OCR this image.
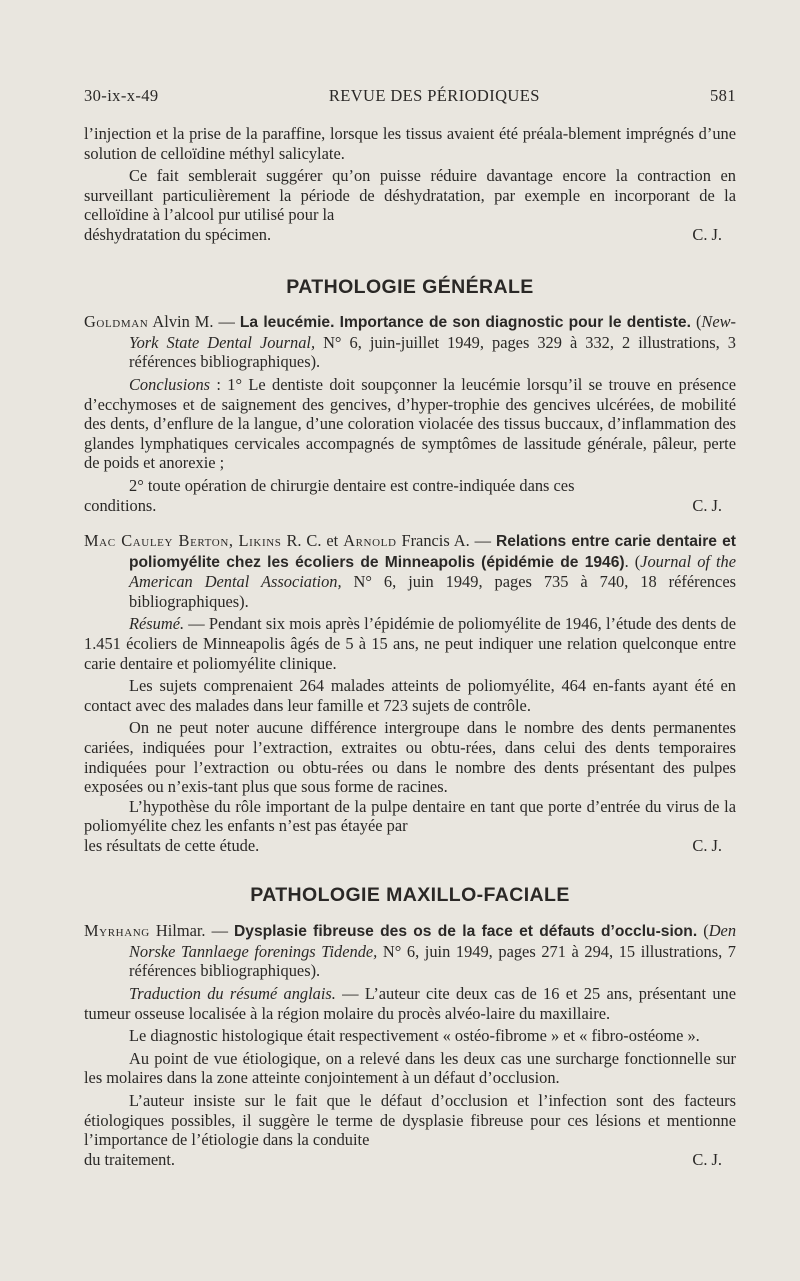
30-ix-x-49	REVUE DES PÉRIODIQUES	581

l’injection et la prise de la paraffine, lorsque les tissus avaient été préala-blement imprégnés d’une solution de celloïdine méthyl salicylate.

Ce fait semblerait suggérer qu’on puisse réduire davantage encore la contraction en surveillant particulièrement la période de déshydratation, par exemple en incorporant de la celloïdine à l’alcool pur utilisé pour la

déshydratation du spécimen.	C. J.
PATHOLOGIE GÉNÉRALE

Goldman Alvin M. — La leucémie. Importance de son diagnostic pour le dentiste. (New-York State Dental Journal, N° 6, juin-juillet 1949, pages 329 à 332, 2 illustrations, 3 références bibliographiques).

Conclusions : 1° Le dentiste doit soupçonner la leucémie lorsqu’il se trouve en présence d’ecchymoses et de saignement des gencives, d’hyper-trophie des gencives ulcérées, de mobilité des dents, d’enflure de la langue, d’une coloration violacée des tissus buccaux, d’inflammation des glandes lymphatiques cervicales accompagnés de symptômes de lassitude générale, pâleur, perte de poids et anorexie ;

2° toute opération de chirurgie dentaire est contre-indiquée dans ces

conditions.	C. J.

Mac Cauley Berton, Likins R. C. et Arnold Francis A. — Relations entre carie dentaire et poliomyélite chez les écoliers de Minneapolis (épidémie de 1946). (Journal of the American Dental Association, N° 6, juin 1949, pages 735 à 740, 18 références bibliographiques).

Résumé. — Pendant six mois après l’épidémie de poliomyélite de 1946, l’étude des dents de 1.451 écoliers de Minneapolis âgés de 5 à 15 ans, ne peut indiquer une relation quelconque entre carie dentaire et poliomyélite clinique.

Les sujets comprenaient 264 malades atteints de poliomyélite, 464 en-fants ayant été en contact avec des malades dans leur famille et 723 sujets de contrôle.

On ne peut noter aucune différence intergroupe dans le nombre des dents permanentes cariées, indiquées pour l’extraction, extraites ou obtu-rées, dans celui des dents temporaires indiquées pour l’extraction ou obtu-rées ou dans le nombre des dents présentant des pulpes exposées ou n’exis-tant plus que sous forme de racines.

L’hypothèse du rôle important de la pulpe dentaire en tant que porte d’entrée du virus de la poliomyélite chez les enfants n’est pas étayée par

les résultats de cette étude.	C. J.
PATHOLOGIE MAXILLO-FACIALE

Myrhang Hilmar. — Dysplasie fibreuse des os de la face et défauts d’occlu-sion. (Den Norske Tannlaege forenings Tidende, N° 6, juin 1949, pages 271 à 294, 15 illustrations, 7 références bibliographiques).

Traduction du résumé anglais. — L’auteur cite deux cas de 16 et 25 ans, présentant une tumeur osseuse localisée à la région molaire du procès alvéo-laire du maxillaire.

Le diagnostic histologique était respectivement « ostéo-fibrome » et « fibro-ostéome ».

Au point de vue étiologique, on a relevé dans les deux cas une surcharge fonctionnelle sur les molaires dans la zone atteinte conjointement à un défaut d’occlusion.

L’auteur insiste sur le fait que le défaut d’occlusion et l’infection sont des facteurs étiologiques possibles, il suggère le terme de dysplasie fibreuse pour ces lésions et mentionne l’importance de l’étiologie dans la conduite

du traitement.	C. J.
